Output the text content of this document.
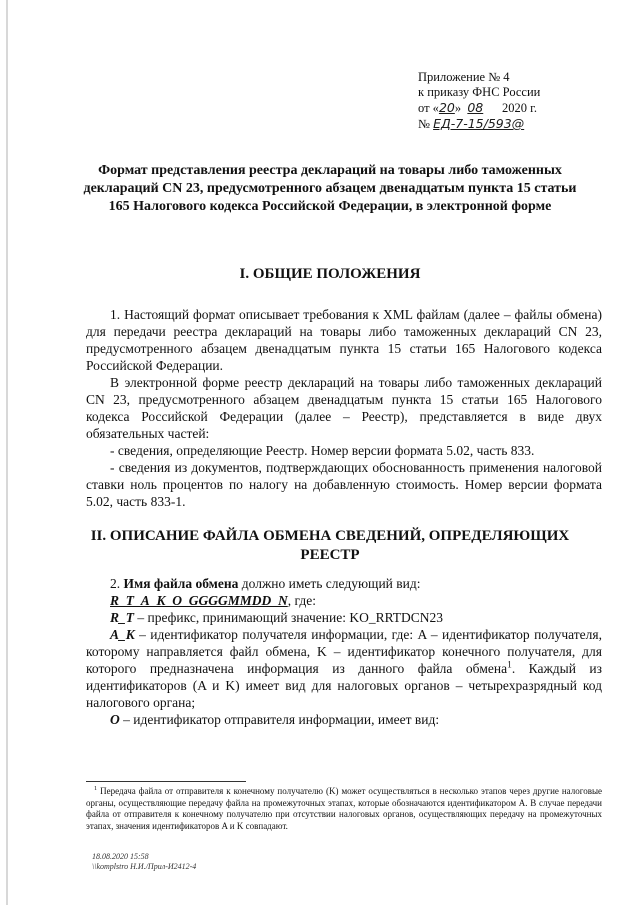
Приложение № 4
к приказу ФНС России
от «20» 08 2020 г.
№ ЕД-7-15/593@
Формат представления реестра деклараций на товары либо таможенных деклараций CN 23, предусмотренного абзацем двенадцатым пункта 15 статьи 165 Налогового кодекса Российской Федерации, в электронной форме
I. ОБЩИЕ ПОЛОЖЕНИЯ

1. Настоящий формат описывает требования к XML файлам (далее – файлы обмена) для передачи реестра деклараций на товары либо таможенных деклараций CN 23, предусмотренного абзацем двенадцатым пункта 15 статьи 165 Налогового кодекса Российской Федерации.

В электронной форме реестр деклараций на товары либо таможенных деклараций CN 23, предусмотренного абзацем двенадцатым пункта 15 статьи 165 Налогового кодекса Российской Федерации (далее – Реестр), представляется в виде двух обязательных частей:

- сведения, определяющие Реестр. Номер версии формата 5.02, часть 833.

- сведения из документов, подтверждающих обоснованность применения налоговой ставки ноль процентов по налогу на добавленную стоимость. Номер версии формата 5.02, часть 833-1.

II. ОПИСАНИЕ ФАЙЛА ОБМЕНА СВЕДЕНИЙ, ОПРЕДЕЛЯЮЩИХ РЕЕСТР

2. Имя файла обмена должно иметь следующий вид:

R_T_A_K_O_GGGGMMDD_N, где:

R_T – префикс, принимающий значение: KO_RRTDCN23

A_K – идентификатор получателя информации, где: A – идентификатор получателя, которому направляется файл обмена, K – идентификатор конечного получателя, для которого предназначена информация из данного файла обмена$^1$. Каждый из идентификаторов (A и K) имеет вид для налоговых органов – четырехразрядный код налогового органа;

O – идентификатор отправителя информации, имеет вид:

$^1$ Передача файла от отправителя к конечному получателю (K) может осуществляться в несколько этапов через другие налоговые органы, осуществляющие передачу файла на промежуточных этапах, которые обозначаются идентификатором A. В случае передачи файла от отправителя к конечному получателю при отсутствии налоговых органов, осуществляющих передачу на промежуточных этапах, значения идентификаторов A и K совпадают.

18.08.2020 15:58
\\komplstro Н.И./Прил-И2412-4
